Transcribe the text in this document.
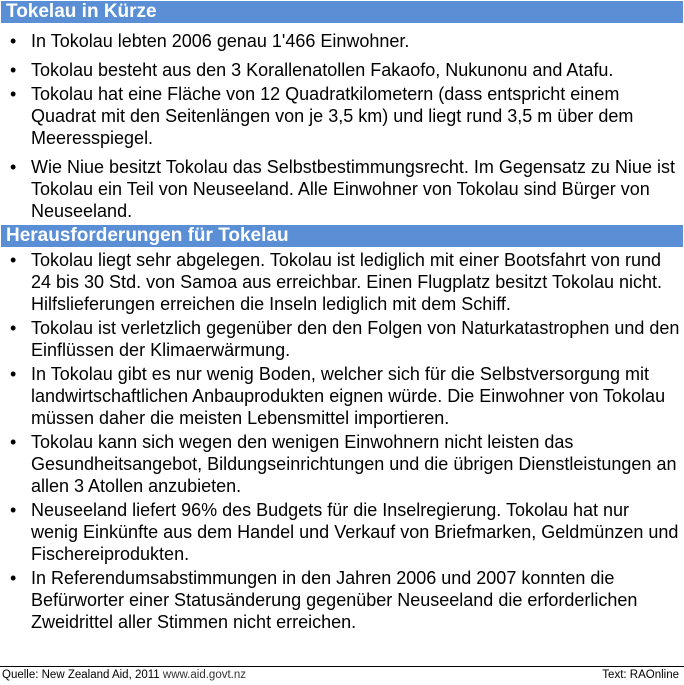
Tokelau in Kürze
• In Tokolau lebten 2006 genau 1'466 Einwohner.
• Tokolau besteht aus den 3 Korallenatollen Fakaofo, Nukunonu and Atafu.
• Tokolau hat eine Fläche von 12 Quadratkilometern (dass entspricht einem Quadrat mit den Seitenlängen von je 3,5 km) und liegt rund 3,5 m über dem Meeresspiegel.
• Wie Niue besitzt Tokolau das Selbstbestimmungsrecht. Im Gegensatz zu Niue ist Tokolau ein Teil von Neuseeland. Alle Einwohner von Tokolau sind Bürger von Neuseeland.
Herausforderungen für Tokelau
• Tokolau liegt sehr abgelegen. Tokolau ist lediglich mit einer Bootsfahrt von rund 24 bis 30 Std. von Samoa aus erreichbar. Einen Flugplatz besitzt Tokolau nicht. Hilfslieferungen erreichen die Inseln lediglich mit dem Schiff.
• Tokolau ist verletzlich gegenüber den den Folgen von Naturkatastrophen und den Einflüssen der Klimaerwärmung.
• In Tokolau gibt es nur wenig Boden, welcher sich für die Selbstversorgung mit landwirtschaftlichen Anbauprodukten eignen würde. Die Einwohner von Tokolau müssen daher die meisten Lebensmittel importieren.
• Tokolau kann sich wegen den wenigen Einwohnern nicht leisten das Gesundheitsangebot, Bildungseinrichtungen und die übrigen Dienstleistungen an allen 3 Atollen anzubieten.
• Neuseeland liefert 96% des Budgets für die Inselregierung. Tokolau hat nur wenig Einkünfte aus dem Handel und Verkauf von Briefmarken, Geldmünzen und Fischereiprodukten.
• In Referendumsabstimmungen in den Jahren 2006 und 2007 konnten die Befürworter einer Statusänderung gegenüber Neuseeland die erforderlichen Zweidrittel aller Stimmen nicht erreichen.
Quelle: New Zealand Aid, 2011 www.aid.govt.nz	Text: RAOnline
